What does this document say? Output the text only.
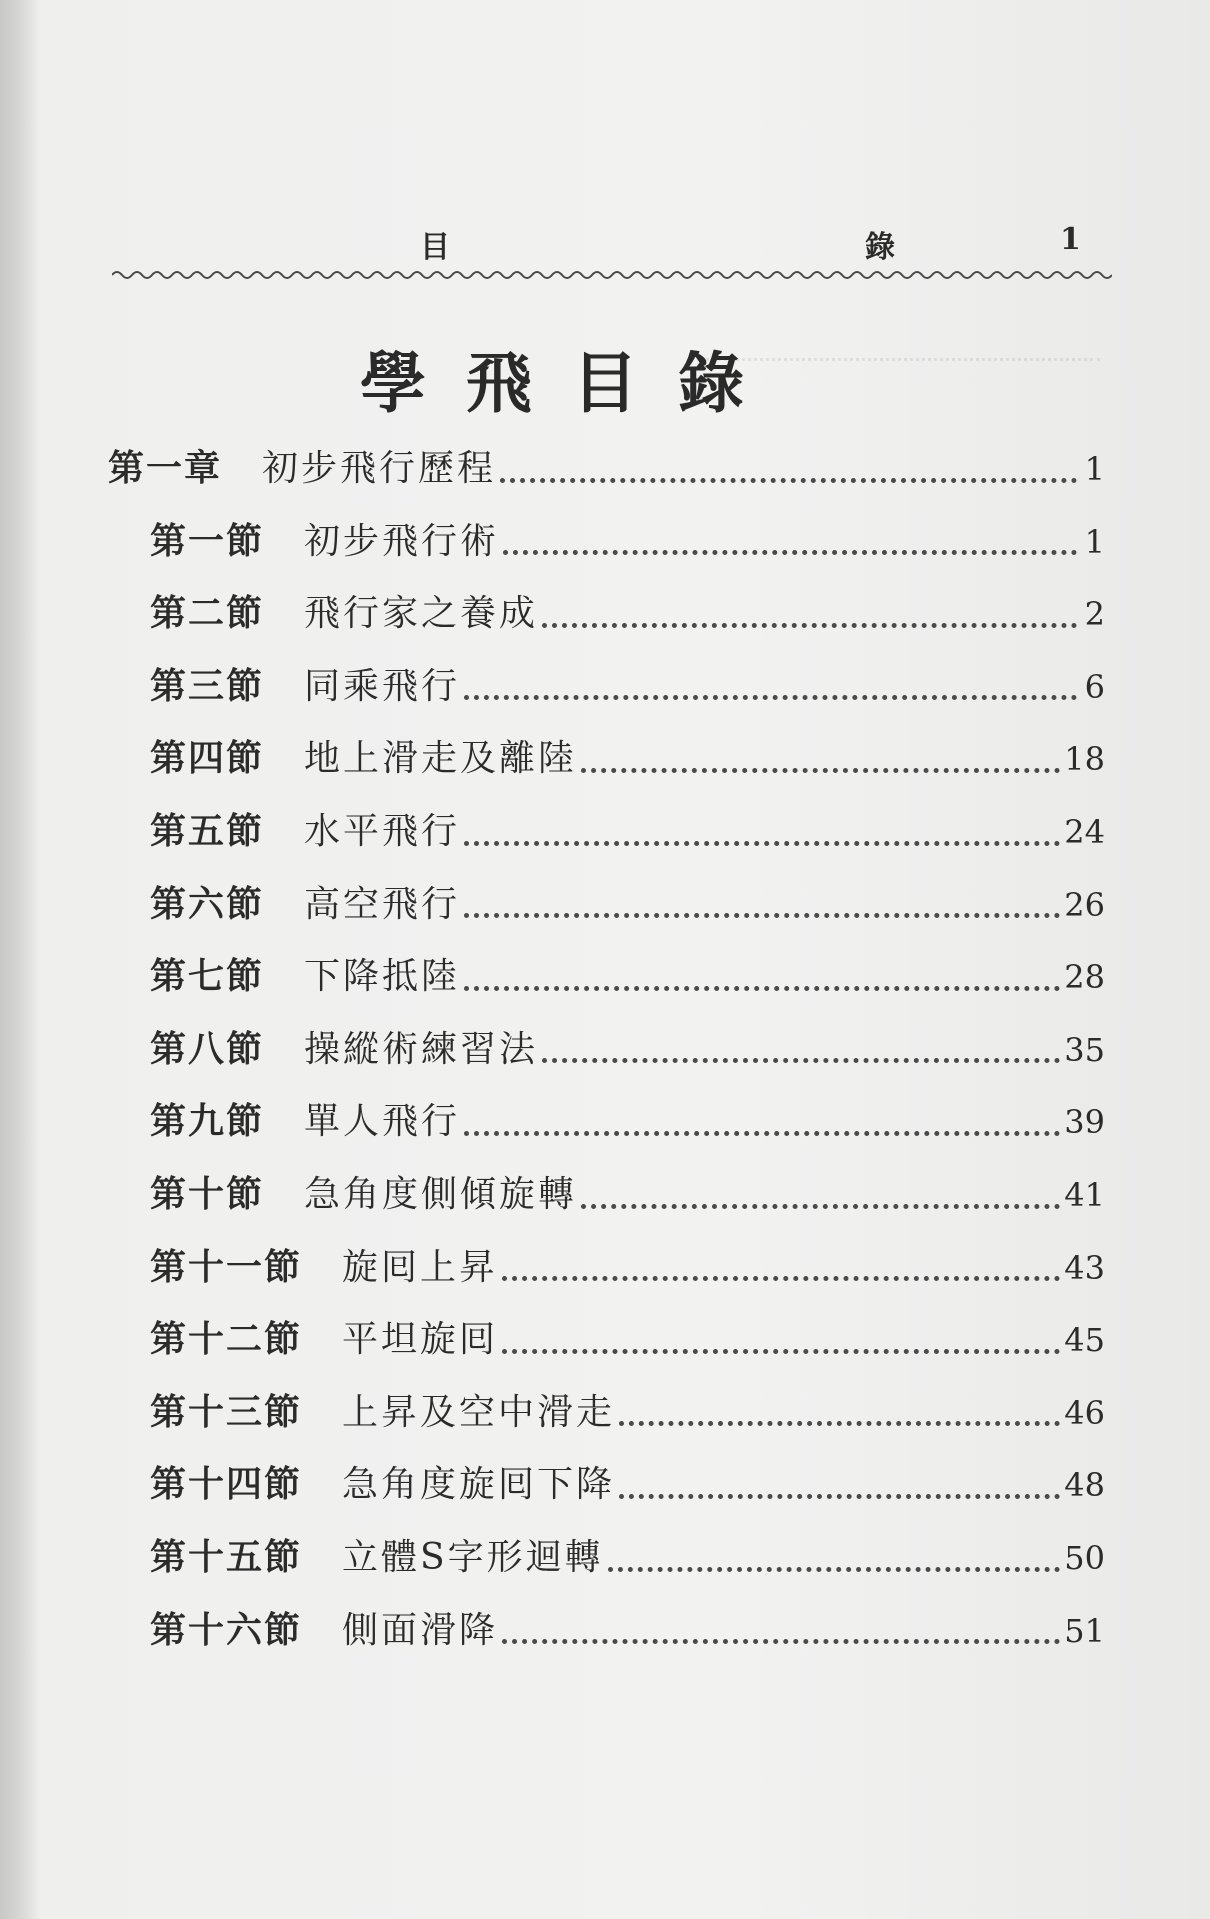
目	錄	1
學飛目錄
第一章 初步飛行歷程	1
第一節 初步飛行術	1
第二節 飛行家之養成	2
第三節 同乘飛行	6
第四節 地上滑走及離陸	18
第五節 水平飛行	24
第六節 高空飛行	26
第七節 下降抵陸	28
第八節 操縱術練習法	35
第九節 單人飛行	39
第十節 急角度側傾旋轉	41
第十一節 旋囘上昇	43
第十二節 平坦旋囘	45
第十三節 上昇及空中滑走	46
第十四節 急角度旋囘下降	48
第十五節 立體S字形迴轉	50
第十六節 側面滑降	51
